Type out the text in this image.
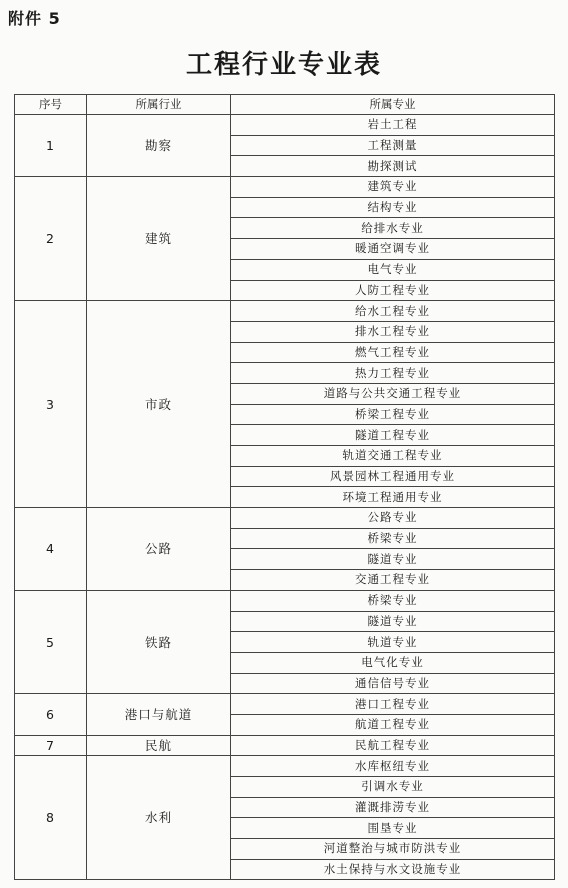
附件 5
工程行业专业表
序号	所属行业	所属专业
1	勘察	岩土工程
		工程测量
		勘探测试
2	建筑	建筑专业
		结构专业
		给排水专业
		暖通空调专业
		电气专业
		人防工程专业
3	市政	给水工程专业
		排水工程专业
		燃气工程专业
		热力工程专业
		道路与公共交通工程专业
		桥梁工程专业
		隧道工程专业
		轨道交通工程专业
		风景园林工程通用专业
		环境工程通用专业
4	公路	公路专业
		桥梁专业
		隧道专业
		交通工程专业
5	铁路	桥梁专业
		隧道专业
		轨道专业
		电气化专业
		通信信号专业
6	港口与航道	港口工程专业
		航道工程专业
7	民航	民航工程专业
8	水利	水库枢纽专业
		引调水专业
		灌溉排涝专业
		围垦专业
		河道整治与城市防洪专业
		水土保持与水文设施专业
